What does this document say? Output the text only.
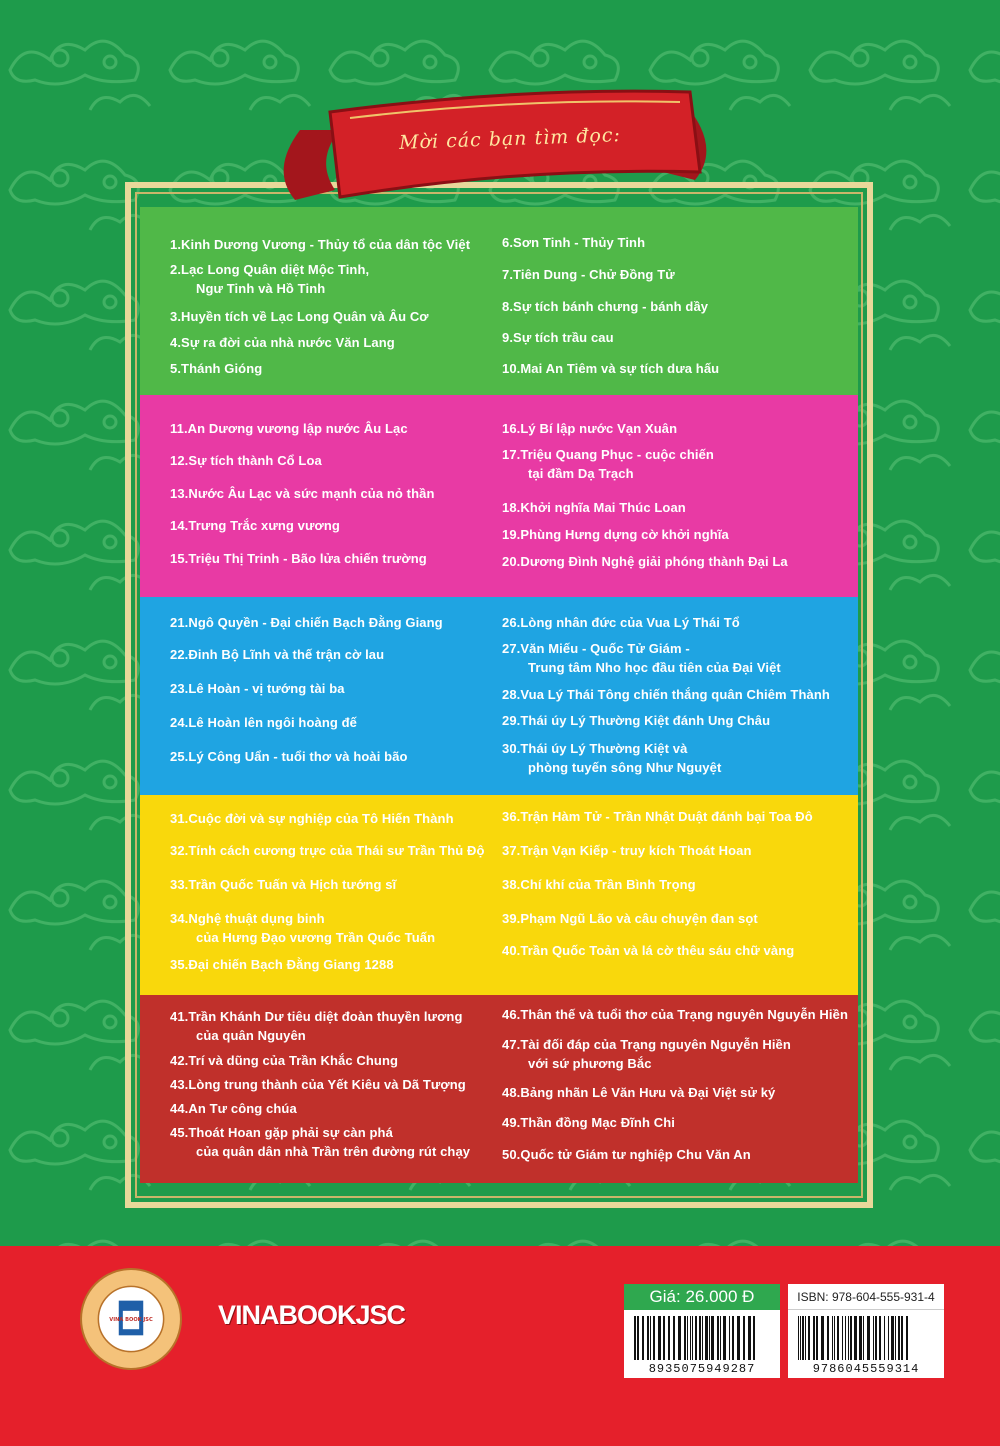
Mời các bạn tìm đọc:
1.Kinh Dương Vương - Thủy tổ của dân tộc Việt
2.Lạc Long Quân diệt Mộc Tinh,
Ngư Tinh và Hồ Tinh
3.Huyền tích về Lạc Long Quân và Âu Cơ
4.Sự ra đời của nhà nước Văn Lang
5.Thánh Gióng
6.Sơn Tinh - Thủy Tinh
7.Tiên Dung - Chử Đồng Tử
8.Sự tích bánh chưng - bánh dầy
9.Sự tích trầu cau
10.Mai An Tiêm và sự tích dưa hấu
11.An Dương vương lập nước Âu Lạc
12.Sự tích thành Cổ Loa
13.Nước Âu Lạc và sức mạnh của nỏ thần
14.Trưng Trắc xưng vương
15.Triệu Thị Trinh - Bão lửa chiến trường
16.Lý Bí lập nước Vạn Xuân
17.Triệu Quang Phục - cuộc chiến
tại đầm Dạ Trạch
18.Khởi nghĩa Mai Thúc Loan
19.Phùng Hưng dựng cờ khởi nghĩa
20.Dương Đình Nghệ giải phóng thành Đại La
21.Ngô Quyền - Đại chiến Bạch Đằng Giang
22.Đinh Bộ Lĩnh và thế trận cờ lau
23.Lê Hoàn - vị tướng tài ba
24.Lê Hoàn lên ngôi hoàng đế
25.Lý Công Uẩn - tuổi thơ và hoài bão
26.Lòng nhân đức của Vua Lý Thái Tổ
27.Văn Miếu - Quốc Tử Giám -
Trung tâm Nho học đầu tiên của Đại Việt
28.Vua Lý Thái Tông chiến thắng quân Chiêm Thành
29.Thái úy Lý Thường Kiệt đánh Ung Châu
30.Thái úy Lý Thường Kiệt và
phòng tuyến sông Như Nguyệt
31.Cuộc đời và sự nghiệp của Tô Hiến Thành
32.Tính cách cương trực của Thái sư Trần Thủ Độ
33.Trần Quốc Tuấn và Hịch tướng sĩ
34.Nghệ thuật dụng binh
của Hưng Đạo vương Trần Quốc Tuấn
35.Đại chiến Bạch Đằng Giang 1288
36.Trận Hàm Tử - Trần Nhật Duật đánh bại Toa Đô
37.Trận Vạn Kiếp - truy kích Thoát Hoan
38.Chí khí của Trần Bình Trọng
39.Phạm Ngũ Lão và câu chuyện đan sọt
40.Trần Quốc Toản và lá cờ thêu sáu chữ vàng
41.Trần Khánh Dư tiêu diệt đoàn thuyền lương
của quân Nguyên
42.Trí và dũng của Trần Khắc Chung
43.Lòng trung thành của Yết Kiêu và Dã Tượng
44.An Tư công chúa
45.Thoát Hoan gặp phải sự càn phá
của quân dân nhà Trần trên đường rút chạy
46.Thân thế và tuổi thơ của Trạng nguyên Nguyễn Hiền
47.Tài đối đáp của Trạng nguyên Nguyễn Hiền
với sứ phương Bắc
48.Bảng nhãn Lê Văn Hưu và Đại Việt sử ký
49.Thần đồng Mạc Đĩnh Chi
50.Quốc tử Giám tư nghiệp Chu Văn An
VINA BOOK JSC VINABOOKJSC
Giá: 26.000 Đ
8935075949287	9786045559314
ISBN: 978-604-555-931-4
